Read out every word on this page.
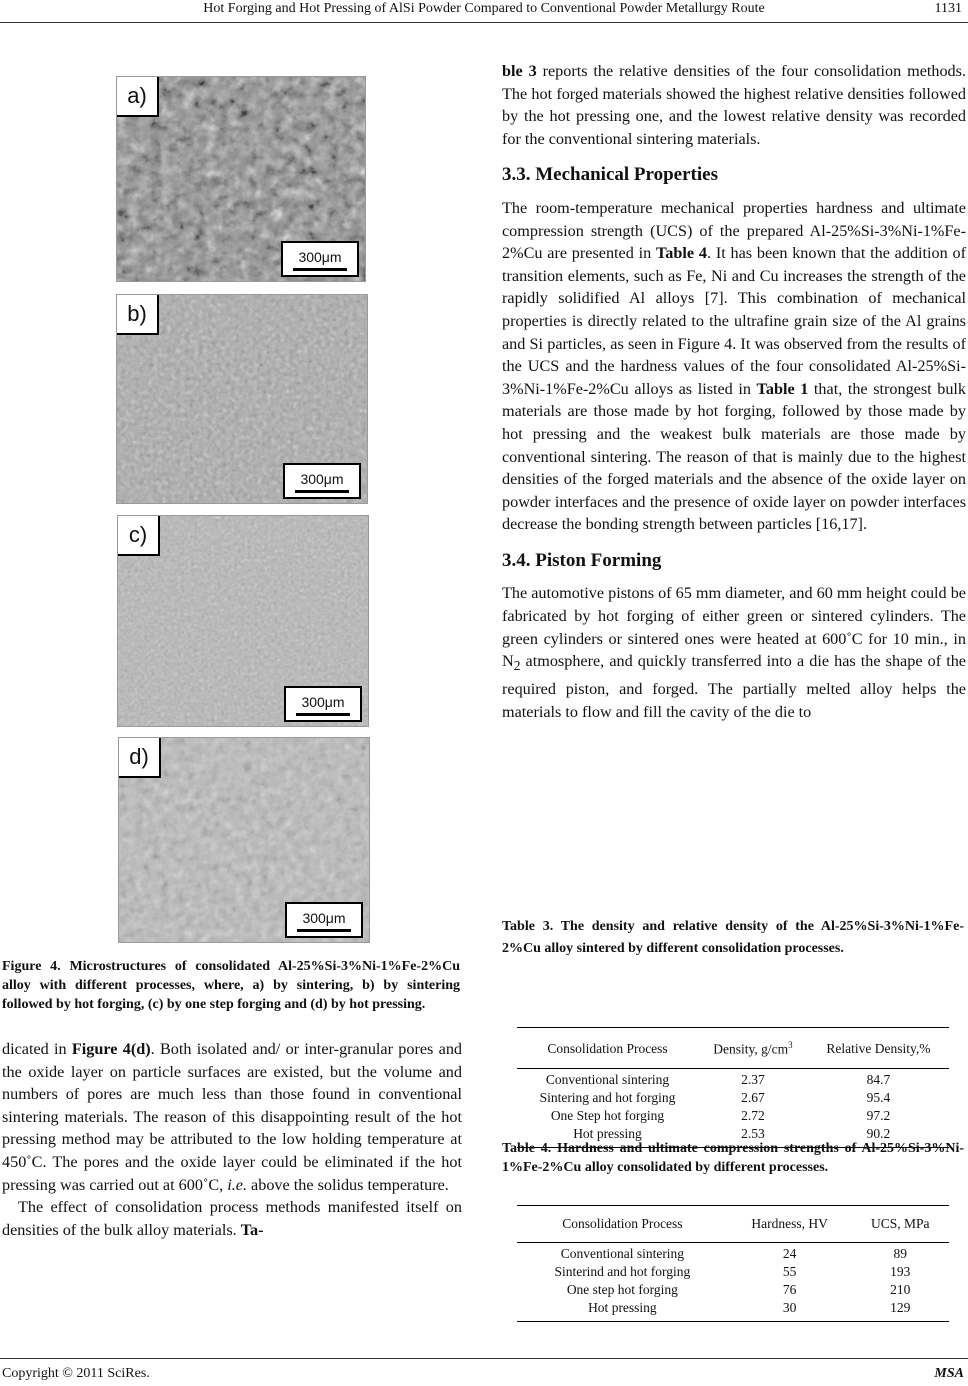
Hot Forging and Hot Pressing of AlSi Powder Compared to Conventional Powder Metallurgy Route	1131
a)
300μm
b)
300μm
c)
300μm
d)
300μm
Figure 4. Microstructures of consolidated Al-25%Si-3%Ni-1%Fe-2%Cu alloy with different processes, where, a) by sintering, b) by sintering followed by hot forging, (c) by one step forging and (d) by hot pressing.

dicated in Figure 4(d). Both isolated and/ or inter-granular pores and the oxide layer on particle surfaces are existed, but the volume and numbers of pores are much less than those found in conventional sintering materials. The reason of this disappointing result of the hot pressing method may be attributed to the low holding temperature at 450˚C. The pores and the oxide layer could be eliminated if the hot pressing was carried out at 600˚C, i.e. above the solidus temperature.

The effect of consolidation process methods manifested itself on densities of the bulk alloy materials. Ta-

ble 3 reports the relative densities of the four consolidation methods. The hot forged materials showed the highest relative densities followed by the hot pressing one, and the lowest relative density was recorded for the conventional sintering materials.

3.3. Mechanical Properties

The room-temperature mechanical properties hardness and ultimate compression strength (UCS) of the prepared Al-25%Si-3%Ni-1%Fe-2%Cu are presented in Table 4. It has been known that the addition of transition elements, such as Fe, Ni and Cu increases the strength of the rapidly solidified Al alloys [7]. This combination of mechanical properties is directly related to the ultrafine grain size of the Al grains and Si particles, as seen in Figure 4. It was observed from the results of the UCS and the hardness values of the four consolidated Al-25%Si-3%Ni-1%Fe-2%Cu alloys as listed in Table 1 that, the strongest bulk materials are those made by hot forging, followed by those made by hot pressing and the weakest bulk materials are those made by conventional sintering. The reason of that is mainly due to the highest densities of the forged materials and the absence of the oxide layer on powder interfaces and the presence of oxide layer on powder interfaces decrease the bonding strength between particles [16,17].

3.4. Piston Forming

The automotive pistons of 65 mm diameter, and 60 mm height could be fabricated by hot forging of either green or sintered cylinders. The green cylinders or sintered ones were heated at 600˚C for 10 min., in $N_2$ atmosphere, and quickly transferred into a die has the shape of the required piston, and forged. The partially melted alloy helps the materials to flow and fill the cavity of the die to

Table 3. The density and relative density of the Al-25%Si-3%Ni-1%Fe-2%Cu alloy sintered by different consolidation processes.
Consolidation Process	Density, $g/cm^3$	Relative Density,%
Conventional sintering	2.37	84.7
Sintering and hot forging	2.67	95.4
One Step hot forging	2.72	97.2
Hot pressing	2.53	90.2
Table 4. Hardness and ultimate compression strengths of Al-25%Si-3%Ni-1%Fe-2%Cu alloy consolidated by different processes.
Consolidation Process	Hardness, HV	UCS, MPa
Conventional sintering	24	89
Sinterind and hot forging	55	193
One step hot forging	76	210
Hot pressing	30	129
Copyright © 2011 SciRes.	MSA
